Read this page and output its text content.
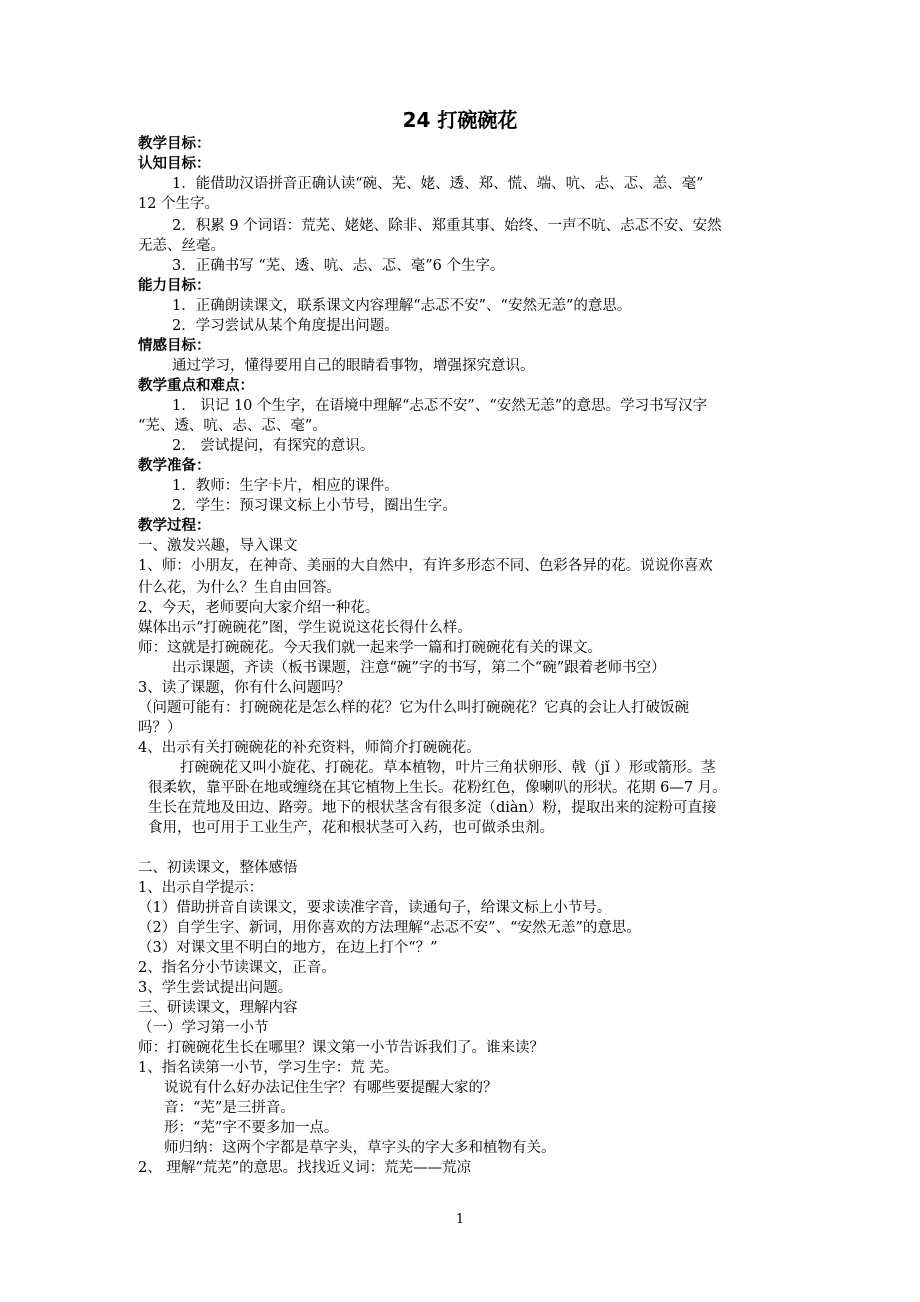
24 打碗碗花
教学目标：
认知目标：
1．能借助汉语拼音正确认读“碗、芜、姥、透、郑、慌、端、吭、忐、忑、恙、毫”
12 个生字。
2．积累 9 个词语：荒芜、姥姥、除非、郑重其事、始终、一声不吭、忐忑不安、安然
无恙、丝毫。
3．正确书写 “芜、透、吭、忐、忑、毫”6 个生字。
能力目标：
1．正确朗读课文，联系课文内容理解“忐忑不安”、“安然无恙”的意思。
2．学习尝试从某个角度提出问题。
情感目标：
通过学习，懂得要用自己的眼睛看事物，增强探究意识。
教学重点和难点：
1． 识记 10 个生字，在语境中理解“忐忑不安”、“安然无恙”的意思。学习书写汉字
“芜、透、吭、忐、忑、毫”。
2． 尝试提问，有探究的意识。
教学准备：
1．教师：生字卡片，相应的课件。
2．学生：预习课文标上小节号，圈出生字。
教学过程：
一、激发兴趣，导入课文
1、师：小朋友，在神奇、美丽的大自然中，有许多形态不同、色彩各异的花。说说你喜欢
什么花，为什么？生自由回答。
2、今天，老师要向大家介绍一种花。
媒体出示“打碗碗花”图，学生说说这花长得什么样。
师：这就是打碗碗花。今天我们就一起来学一篇和打碗碗花有关的课文。
出示课题，齐读（板书课题，注意“碗”字的书写，第二个“碗”跟着老师书空）
3、读了课题，你有什么问题吗？
（问题可能有：打碗碗花是怎么样的花？它为什么叫打碗碗花？它真的会让人打破饭碗
吗？）
4、出示有关打碗碗花的补充资料，师简介打碗碗花。
打碗碗花又叫小旋花、打碗花。草本植物，叶片三角状卵形、戟（jǐ ）形或箭形。茎
很柔软，靠平卧在地或缠绕在其它植物上生长。花粉红色，像喇叭的形状。花期 6—7 月。
生长在荒地及田边、路旁。地下的根状茎含有很多淀（diàn）粉，提取出来的淀粉可直接
食用，也可用于工业生产，花和根状茎可入药，也可做杀虫剂。
二、初读课文，整体感悟
1、出示自学提示：
（1）借助拼音自读课文，要求读准字音，读通句子，给课文标上小节号。
（2）自学生字、新词，用你喜欢的方法理解“忐忑不安”、“安然无恙”的意思。
（3）对课文里不明白的地方，在边上打个“？”
2、指名分小节读课文，正音。
3、学生尝试提出问题。
三、研读课文，理解内容
（一）学习第一小节
师：打碗碗花生长在哪里？课文第一小节告诉我们了。谁来读？
1、指名读第一小节，学习生字：荒 芜。
说说有什么好办法记住生字？有哪些要提醒大家的？
音：“芜”是三拼音。
形：“芜”字不要多加一点。
师归纳：这两个字都是草字头，草字头的字大多和植物有关。
2、 理解“荒芜”的意思。找找近义词：荒芜——荒凉
1
